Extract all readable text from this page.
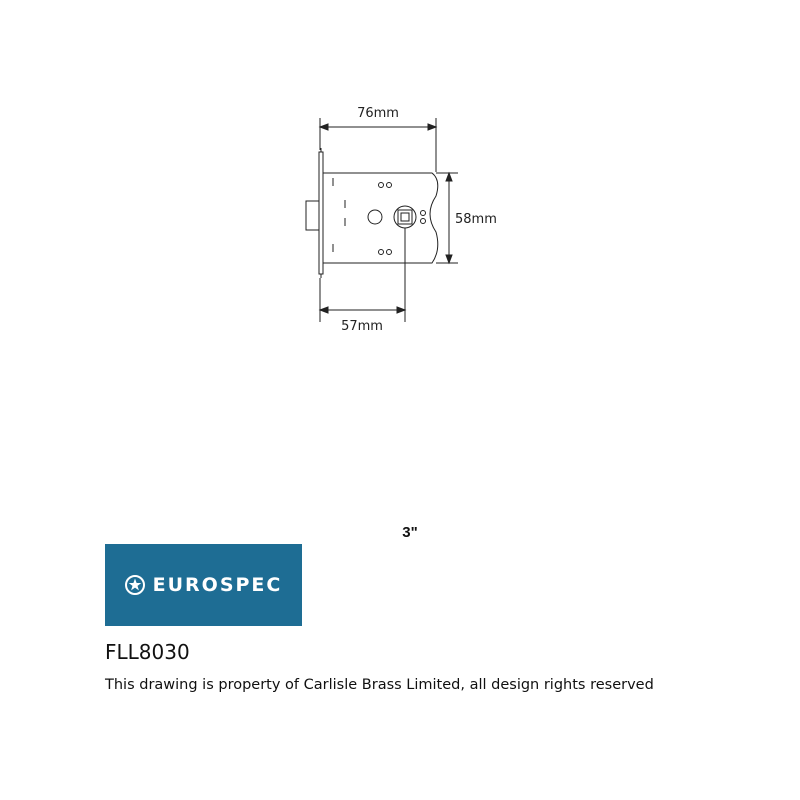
76mm
58mm
57mm
3"
EUROSPEC
FLL8030
This drawing is property of Carlisle Brass Limited, all design rights reserved
